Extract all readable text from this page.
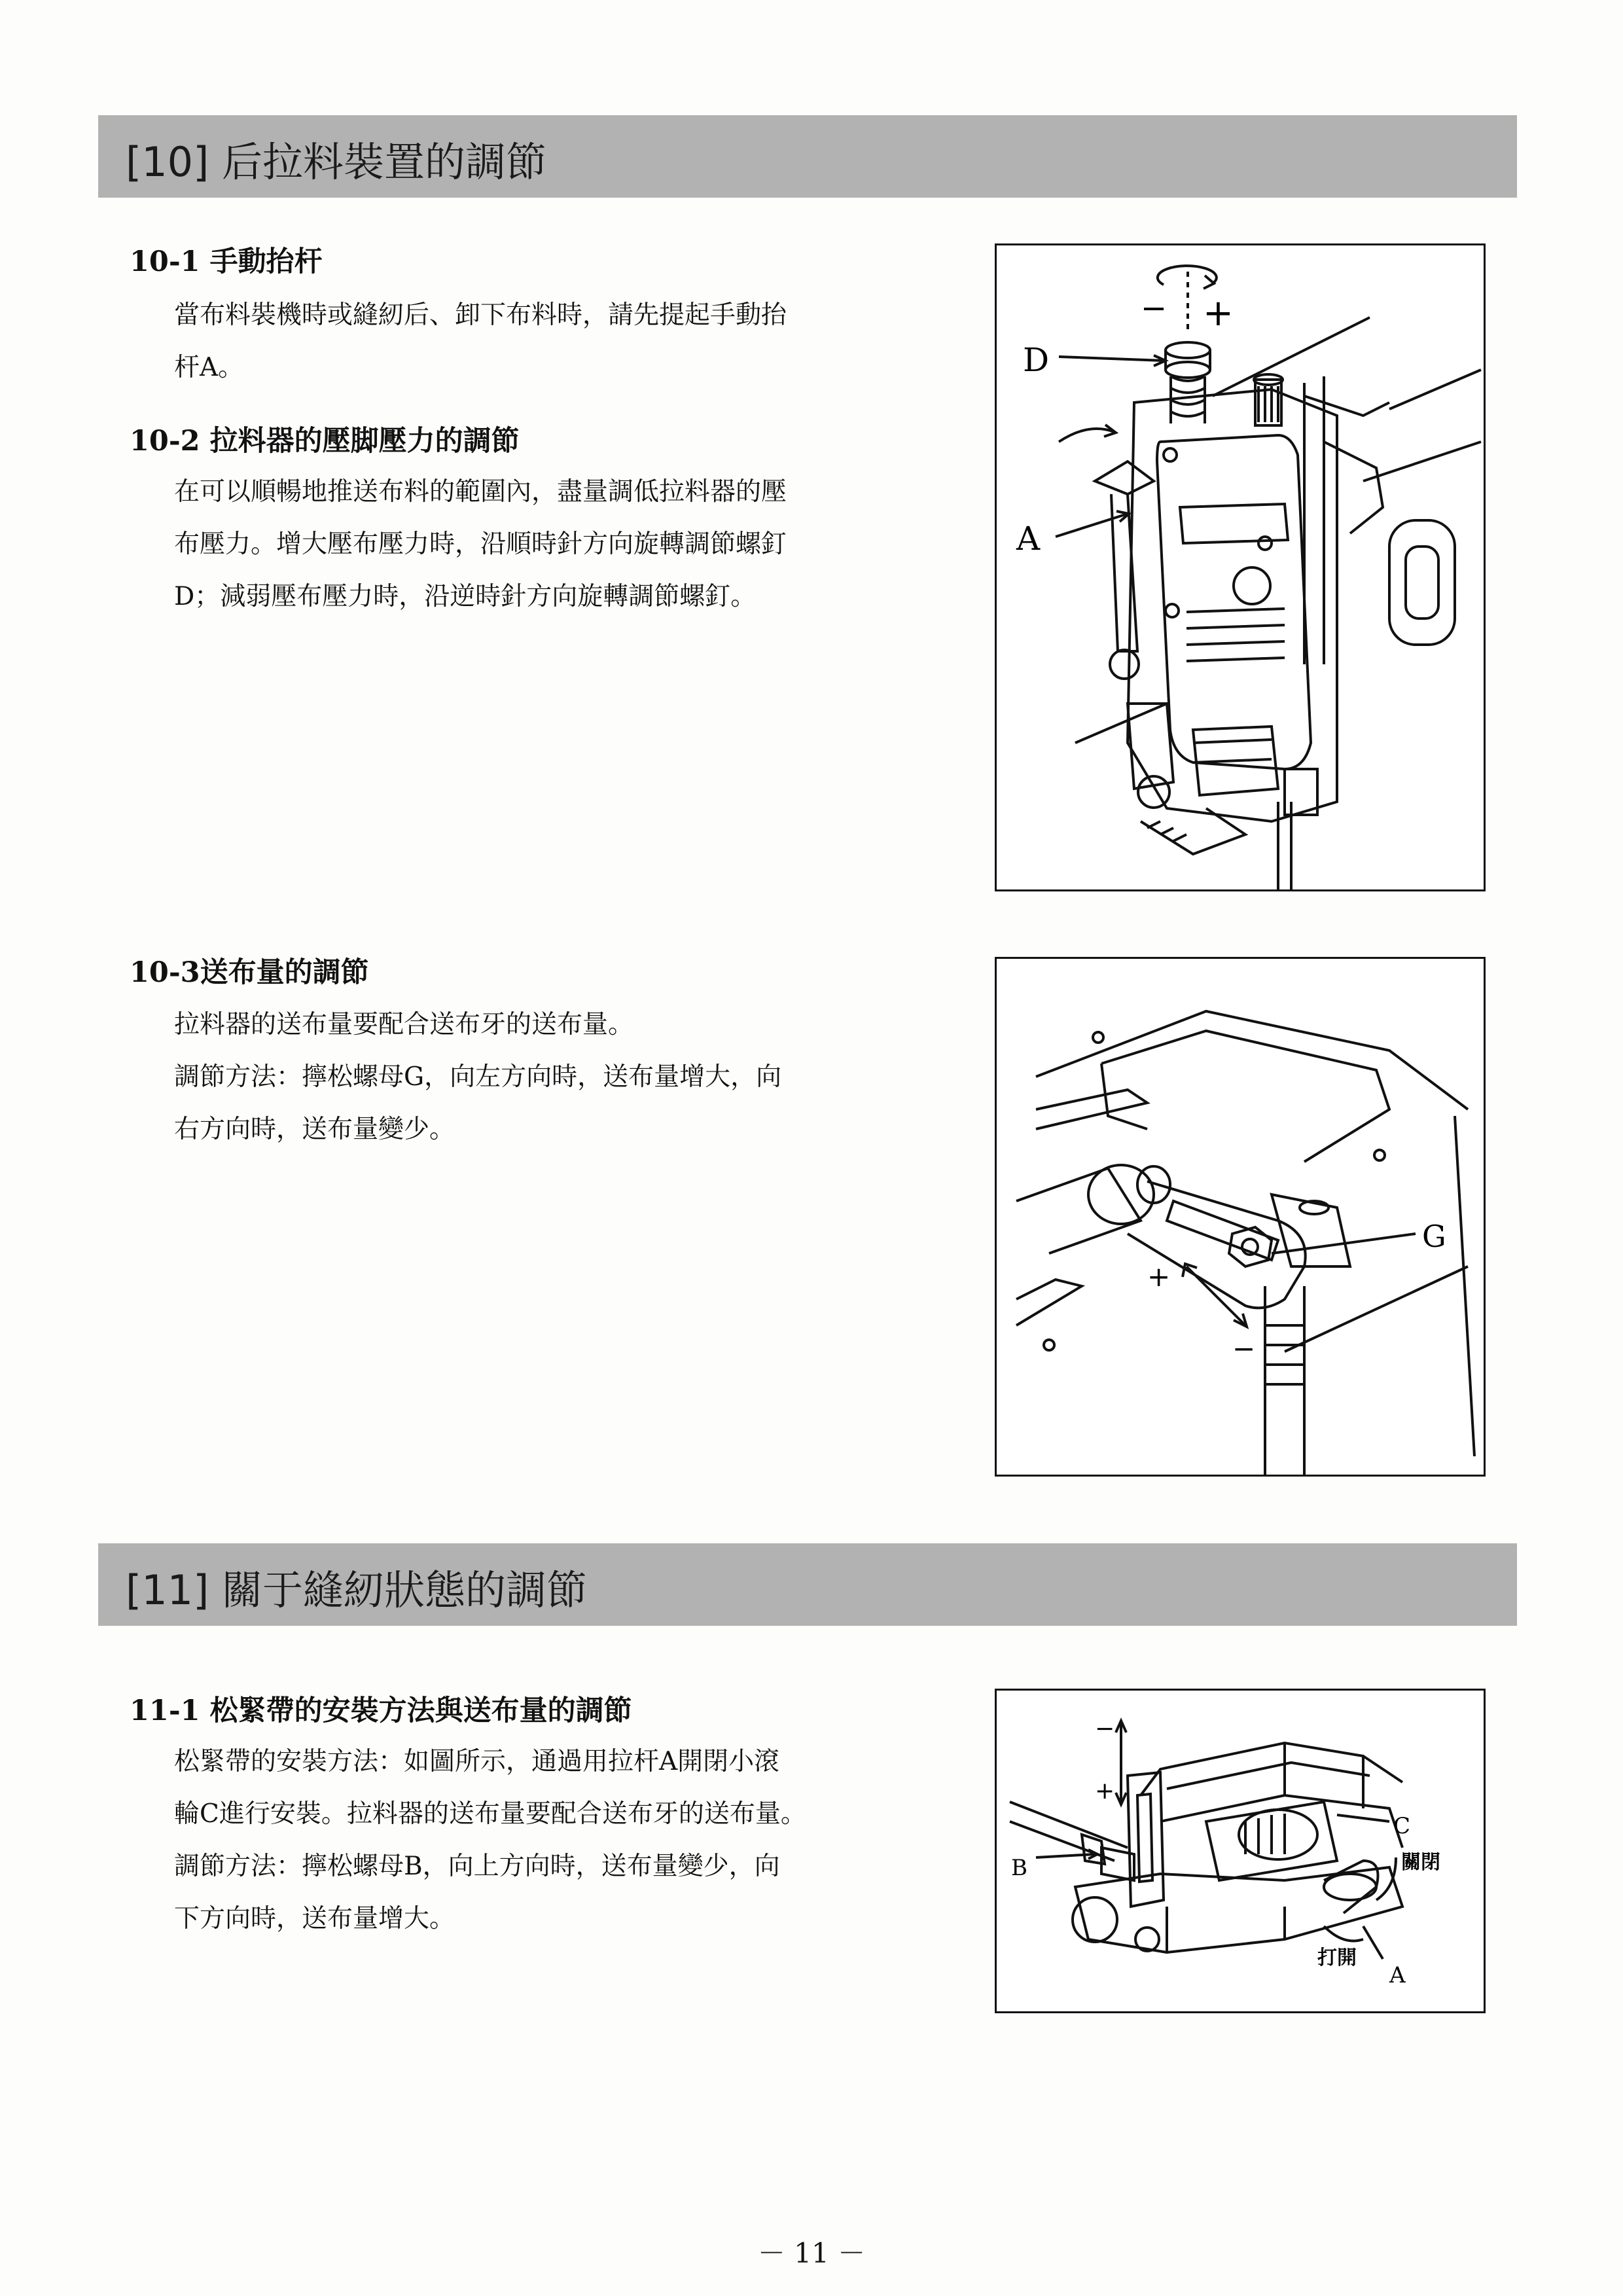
[10] 后拉料裝置的調節
10-1 手動抬杆

當布料裝機時或縫紉后、卸下布料時，請先提起手動抬

杆A。

10-2 拉料器的壓脚壓力的調節

在可以順暢地推送布料的範圍內，盡量調低拉料器的壓

布壓力。增大壓布壓力時，沿順時針方向旋轉調節螺釘

D；減弱壓布壓力時，沿逆時針方向旋轉調節螺釘。

− +
D
A
10-3送布量的調節

拉料器的送布量要配合送布牙的送布量。

調節方法：擰松螺母G，向左方向時，送布量增大，向

右方向時，送布量變少。

G
+
−
[11] 關于縫紉狀態的調節
11-1 松緊帶的安裝方法與送布量的調節

松緊帶的安裝方法：如圖所示，通過用拉杆A開閉小滾

輪C進行安裝。拉料器的送布量要配合送布牙的送布量。

調節方法：擰松螺母B，向上方向時，送布量變少，向

下方向時，送布量增大。

−
+
B
C
關閉
A
打開
－ 11 －
